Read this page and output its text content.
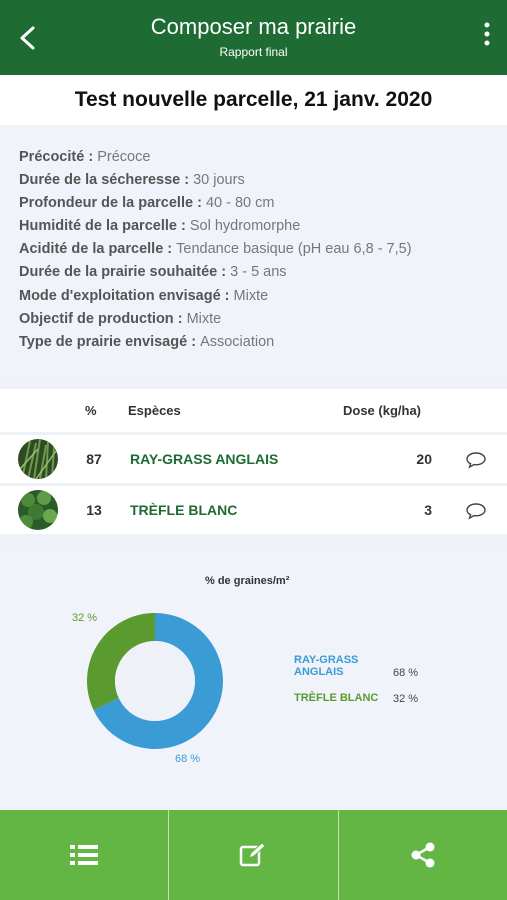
Composer ma prairie
Rapport final
Test nouvelle parcelle, 21 janv. 2020
Précocité : Précoce
Durée de la sécheresse : 30 jours
Profondeur de la parcelle : 40 - 80 cm
Humidité de la parcelle : Sol hydromorphe
Acidité de la parcelle : Tendance basique (pH eau 6,8 - 7,5)
Durée de la prairie souhaitée : 3 - 5 ans
Mode d'exploitation envisagé : Mixte
Objectif de production : Mixte
Type de prairie envisagé : Association
% Espèces	Dose (kg/ha)
87	RAY-GRASS ANGLAIS	20
13	TRÈFLE BLANC	3
% de graines/m²
32 %
68 %
RAY-GRASS ANGLAIS	68 %
TRÈFLE BLANC 32 %
